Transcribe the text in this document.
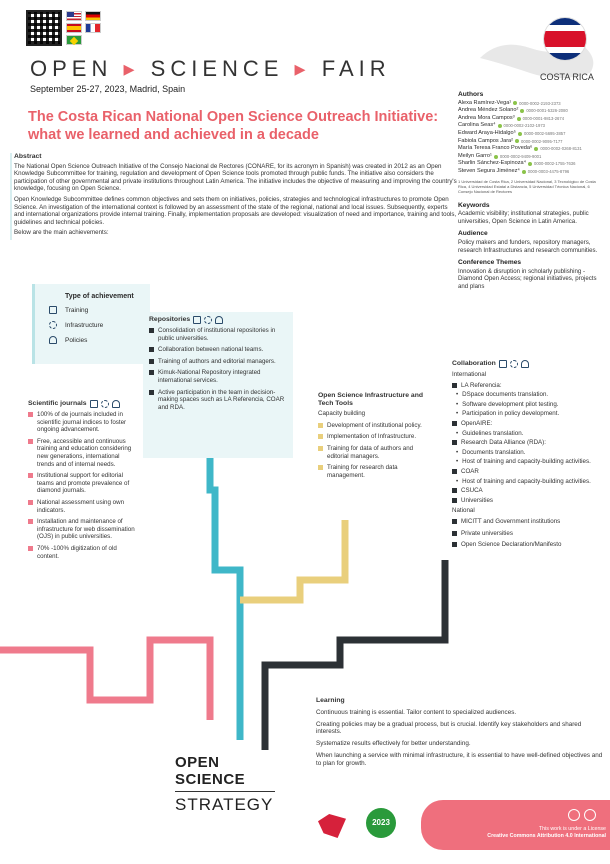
OPEN ▸ SCIENCE ▸ FAIR
September 25-27, 2023, Madrid, Spain
The Costa Rican National Open Science Outreach Initiative: what we learned and achieved in a decade
COSTA RICA
Authors
Alexa Ramírez-Vega¹ 0000-0002-2193-2373
Andrea Méndez Solano² 0000-0001-5326-2080
Andrea Mora Campos³ 0000-0001-9813-2674
Carolina Seas⁴ 0000-0002-2102-1973
Edward Araya-Hidalgo⁵ 0000-0002-5695-3857
Fabiola Campos Jara² 0000-0002-9095-7177
María Teresa Franco Poveda⁶ 0000-0002-0268-8131
Meilyn Garro¹ 0000-0002-9409-9001
Sharlin Sánchez-Espinoza⁴ 0000-0002-1755-7636
Steven Segura Jiménez⁴ 0000-0003-4475-8796
1 Universidad de Costa Rica, 2 Universidad Nacional, 3 Tecnológico de Costa Rica, 4 Universidad Estatal a Distancia, 5 Universidad Técnica Nacional, 6 Consejo Nacional de Rectores
Keywords
Academic visibility; institutional strategies, public universities, Open Science in Latin America.
Audience
Policy makers and funders, repository managers, research Infrastructures and research communities.
Conference Themes
Innovation & disruption in scholarly publishing - Diamond Open Access; regional initiatives, projects and plans
Abstract

The National Open Science Outreach Initiative of the Consejo Nacional de Rectores (CONARE, for its acronym in Spanish) was created in 2012 as an Open Knowledge Subcommittee for training, regulation and development of Open Science tools promoted through public funds. The initiative also considers the participation of other governmental and private institutions throughout Latin America. The initiative includes the objective of measuring and improving the country's knowledge, focusing on Open Science.

Open Knowledge Subcommittee defines common objectives and sets them on initiatives, policies, strategies and technological infrastructures to promote Open Science. An investigation of the international context is followed by an assessment of the state of the regional, national and local issues. Subsequently, experts and international organizations provide internal training. Finally, implementation proposals are developed: visualization of need and importance, training and tools, guidelines and technical policies.

Below are the main achievements:

Type of achievement
Training
Infrastructure
Policies
Repositories
Consolidation of institutional repositories in public universities.
Collaboration between national teams.
Training of authors and editorial managers.
Kimuk-National Repository integrated international services.
Active participation in the team in decision-making spaces such as LA Referencia, COAR and RDA.
Scientific journals
100% of de journals included in scientific journal indices to foster ongoing advancement.
Free, accessible and continuous training and education considering new generations, international trends and of internal needs.
Institutional support for editorial teams and promote prevalence of diamond journals.
National assessment using own indicators.
Installation and maintenance of infrastructure for web dissemination (OJS) in public universities.
70% -100% digitization of old content.
Open Science Infrastructure and Tech Tools
Capacity building
Development of institutional policy.
Implementation of Infrastructure.
Training for data of authors and editorial managers.
Training for research data management.
Collaboration
International
LA Referencia:
• DSpace documents translation.
• Software development pilot testing.
• Participation in policy development.
OpenAIRE:
• Guidelines translation.
Research Data Alliance (RDA):
• Documents translation.
• Host of training and capacity-building activities.
COAR
• Host of training and capacity-building activities.
CSUCA
Universities
National
MICITT and Government institutions
Private universities
Open Science Declaration/Manifesto
Learning

Continuous training is essential. Tailor content to specialized audiences.

Creating policies may be a gradual process, but is crucial. Identify key stakeholders and shared interests.

Systematize results effectively for better understanding.

When launching a service with minimal infrastructure, it is essential to have well-defined objectives and to plan for growth.

OPEN SCIENCE
STRATEGY
2023

This work is under a License
Creative Commons Attribution 4.0 International
